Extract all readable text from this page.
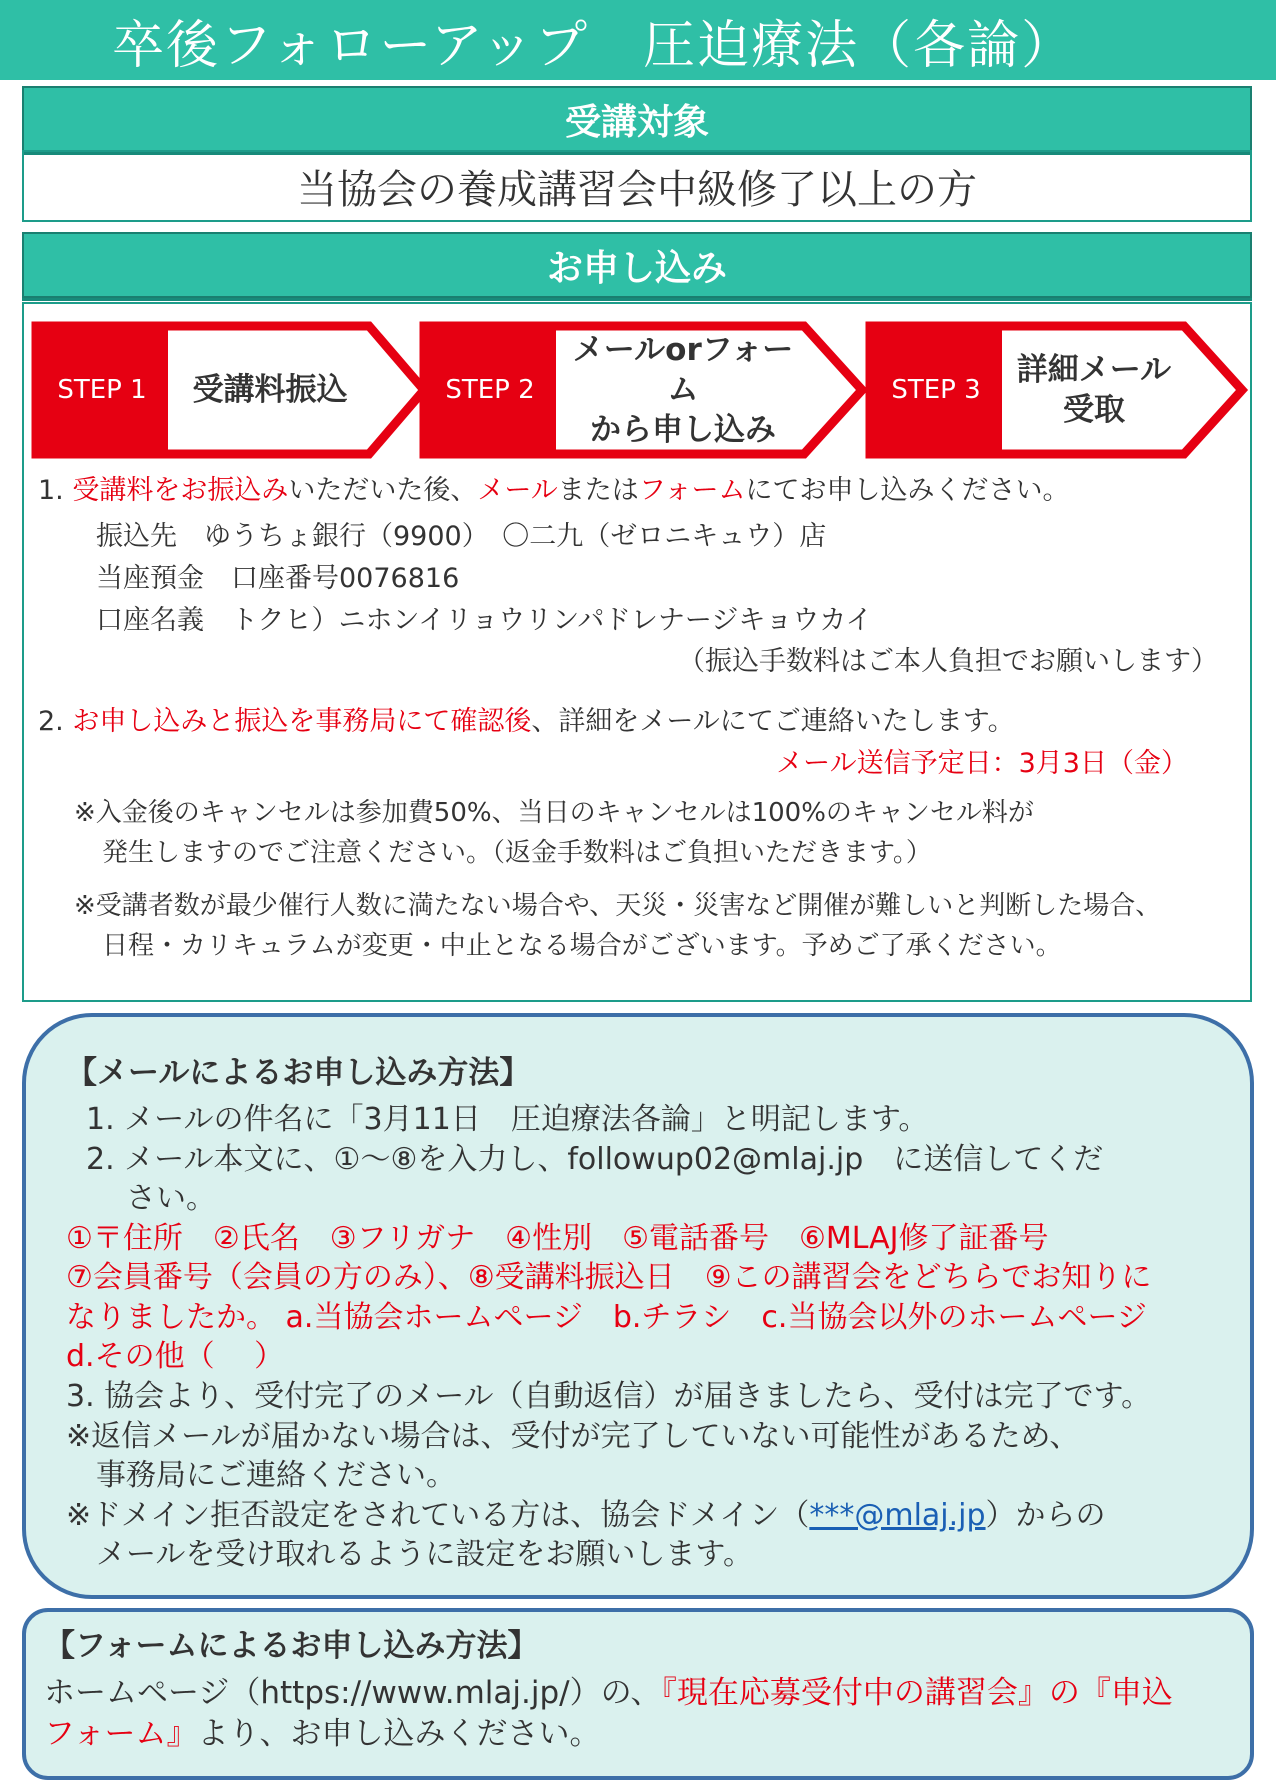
卒後フォローアップ　圧迫療法（各論）
受講対象
当協会の養成講習会中級修了以上の方
お申し込み
STEP 1	受講料振込	STEP 2
メールorフォーム
から申し込み
STEP 3
詳細メール
受取
1. 受講料をお振込みいただいた後、メールまたはフォームにてお申し込みください。
振込先　ゆうちょ銀行（9900）　〇二九（ゼロニキュウ）店
当座預金　口座番号0076816
口座名義　トクヒ）ニホンイリョウリンパドレナージキョウカイ
（振込手数料はご本人負担でお願いします）
2. お申し込みと振込を事務局にて確認後、詳細をメールにてご連絡いたします。
メール送信予定日：3月3日（金）
※入金後のキャンセルは参加費50%、当日のキャンセルは100%のキャンセル料が
発生しますのでご注意ください。（返金手数料はご負担いただきます。）
※受講者数が最少催行人数に満たない場合や、天災・災害など開催が難しいと判断した場合、
日程・カリキュラムが変更・中止となる場合がございます。予めご了承ください。
【メールによるお申し込み方法】
1. メールの件名に「3月11日　圧迫療法各論」と明記します。
2. メール本文に、①～⑧を入力し、followup02@mlaj.jp　に送信してくだ
さい。
①〒住所　②氏名　③フリガナ　④性別　⑤電話番号　⑥MLAJ修了証番号
⑦会員番号（会員の方のみ）、⑧受講料振込日　⑨この講習会をどちらでお知りに
なりましたか。 a.当協会ホームページ　b.チラシ　c.当協会以外のホームページ
d.その他（　 ）
3. 協会より、受付完了のメール（自動返信）が届きましたら、受付は完了です。
※返信メールが届かない場合は、受付が完了していない可能性があるため、
事務局にご連絡ください。
※ドメイン拒否設定をされている方は、協会ドメイン（***@mlaj.jp）からの
メールを受け取れるように設定をお願いします。
【フォームによるお申し込み方法】
ホームページ（https://www.mlaj.jp/）の、『現在応募受付中の講習会』の『申込
フォーム』より、お申し込みください。
